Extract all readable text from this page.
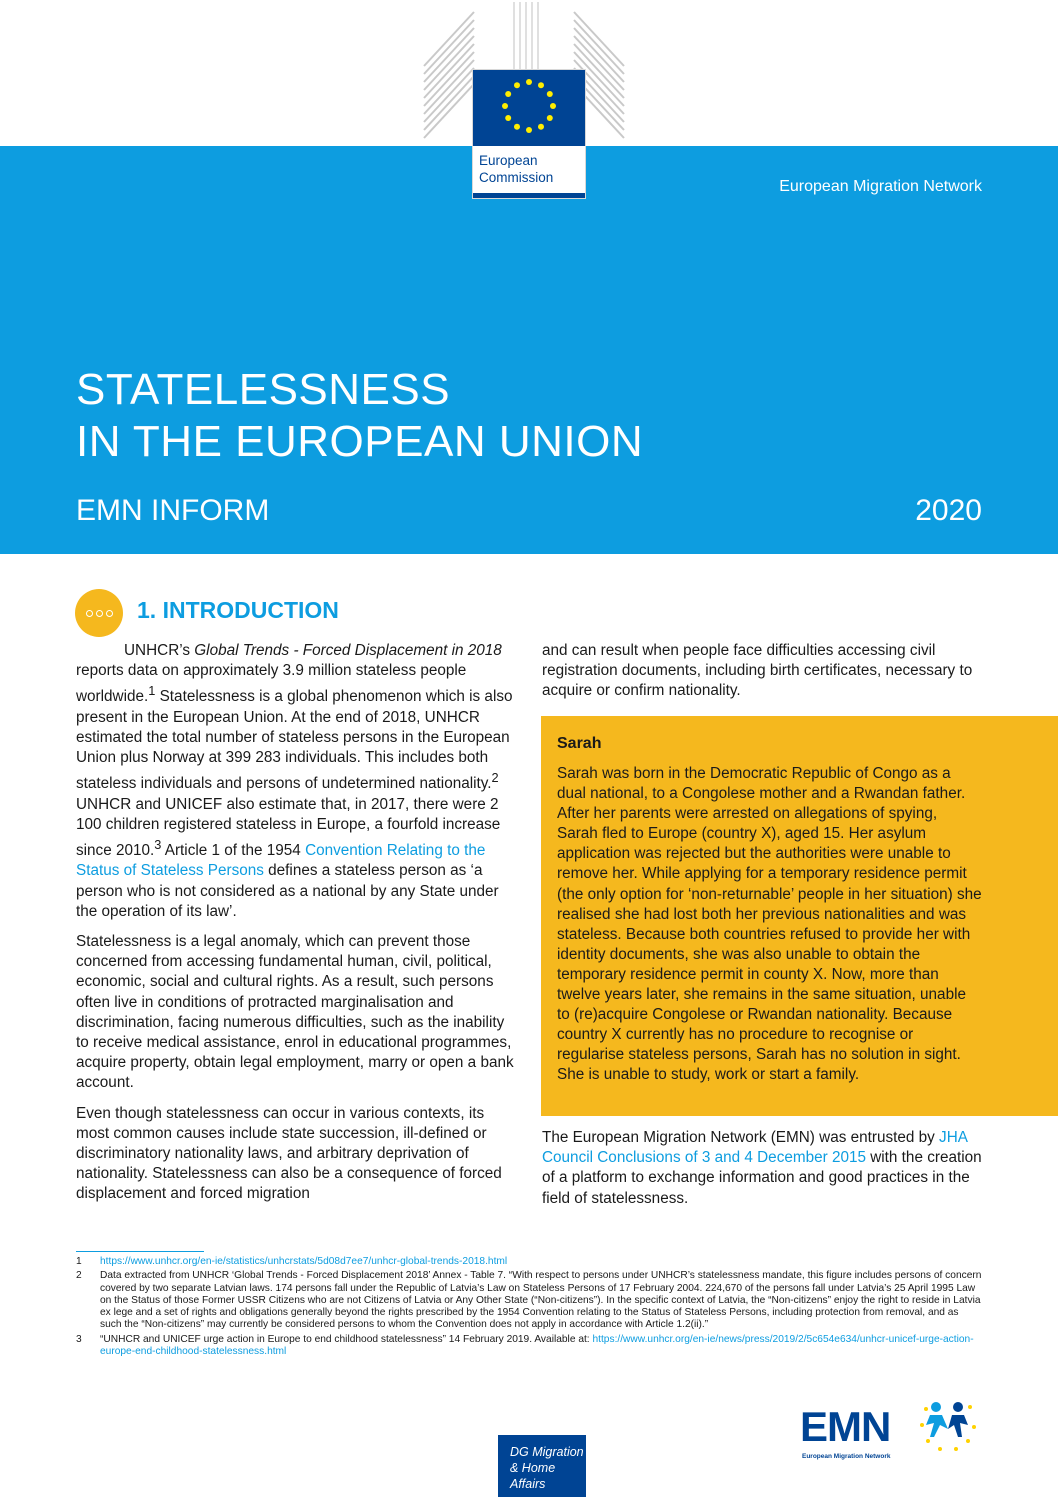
European
Commission
European Migration Network
STATELESSNESS
IN THE EUROPEAN UNION
EMN INFORM	2020
1. INTRODUCTION

UNHCR’s Global Trends - Forced Displacement in 2018 reports data on approximately 3.9 million stateless people worldwide.$^1$ Statelessness is a global phenomenon which is also present in the European Union. At the end of 2018, UNHCR estimated the total number of stateless persons in the European Union plus Norway at 399 283 individuals. This includes both stateless individuals and persons of undetermined nationality.$^2$ UNHCR and UNICEF also estimate that, in 2017, there were 2 100 children registered stateless in Europe, a fourfold increase since 2010.$^3$ Article 1 of the 1954 Convention Relating to the Status of Stateless Persons defines a stateless person as ‘a person who is not considered as a national by any State under the operation of its law’.

Statelessness is a legal anomaly, which can prevent those concerned from accessing fundamental human, civil, political, economic, social and cultural rights. As a result, such persons often live in conditions of protracted marginalisation and discrimination, facing numerous difficulties, such as the inability to receive medical assistance, enrol in educational programmes, acquire property, obtain legal employment, marry or open a bank account.

Even though statelessness can occur in various contexts, its most common causes include state succession, ill-defined or discriminatory nationality laws, and arbitrary deprivation of nationality. Statelessness can also be a consequence of forced displacement and forced migration

and can result when people face difficulties accessing civil registration documents, including birth certificates, necessary to acquire or confirm nationality.

Sarah
Sarah was born in the Democratic Republic of Congo as a dual national, to a Congolese mother and a Rwandan father. After her parents were arrested on allegations of spying, Sarah fled to Europe (country X), aged 15. Her asylum application was rejected but the authorities were unable to remove her. While applying for a temporary residence permit (the only option for ‘non-returnable’ people in her situation) she realised she had lost both her previous nationalities and was stateless. Because both countries refused to provide her with identity documents, she was also unable to obtain the temporary residence permit in county X. Now, more than twelve years later, she remains in the same situation, unable to (re)acquire Congolese or Rwandan nationality. Because country X currently has no procedure to recognise or regularise stateless persons, Sarah has no solution in sight. She is unable to study, work or start a family.

The European Migration Network (EMN) was entrusted by JHA Council Conclusions of 3 and 4 December 2015 with the creation of a platform to exchange information and good practices in the field of statelessness.

1	https://www.unhcr.org/en-ie/statistics/unhcrstats/5d08d7ee7/unhcr-global-trends-2018.html
2	Data extracted from UNHCR ‘Global Trends - Forced Displacement 2018’ Annex - Table 7. “With respect to persons under UNHCR’s statelessness mandate, this figure includes persons of concern covered by two separate Latvian laws. 174 persons fall under the Republic of Latvia’s Law on Stateless Persons of 17 February 2004. 224,670 of the persons fall under Latvia’s 25 April 1995 Law on the Status of those Former USSR Citizens who are not Citizens of Latvia or Any Other State (“Non-citizens”). In the specific context of Latvia, the “Non-citizens” enjoy the right to reside in Latvia ex lege and a set of rights and obligations generally beyond the rights prescribed by the 1954 Convention relating to the Status of Stateless Persons, including protection from removal, and as such the “Non-citizens” may currently be considered persons to whom the Convention does not apply in accordance with Article 1.2(ii).”
3	“UNHCR and UNICEF urge action in Europe to end childhood statelessness” 14 February 2019. Available at: https://www.unhcr.org/en-ie/news/press/2019/2/5c654e634/unhcr-unicef-urge-action-europe-end-childhood-statelessness.html
DG Migration
& Home Affairs
EMN
European Migration Network
